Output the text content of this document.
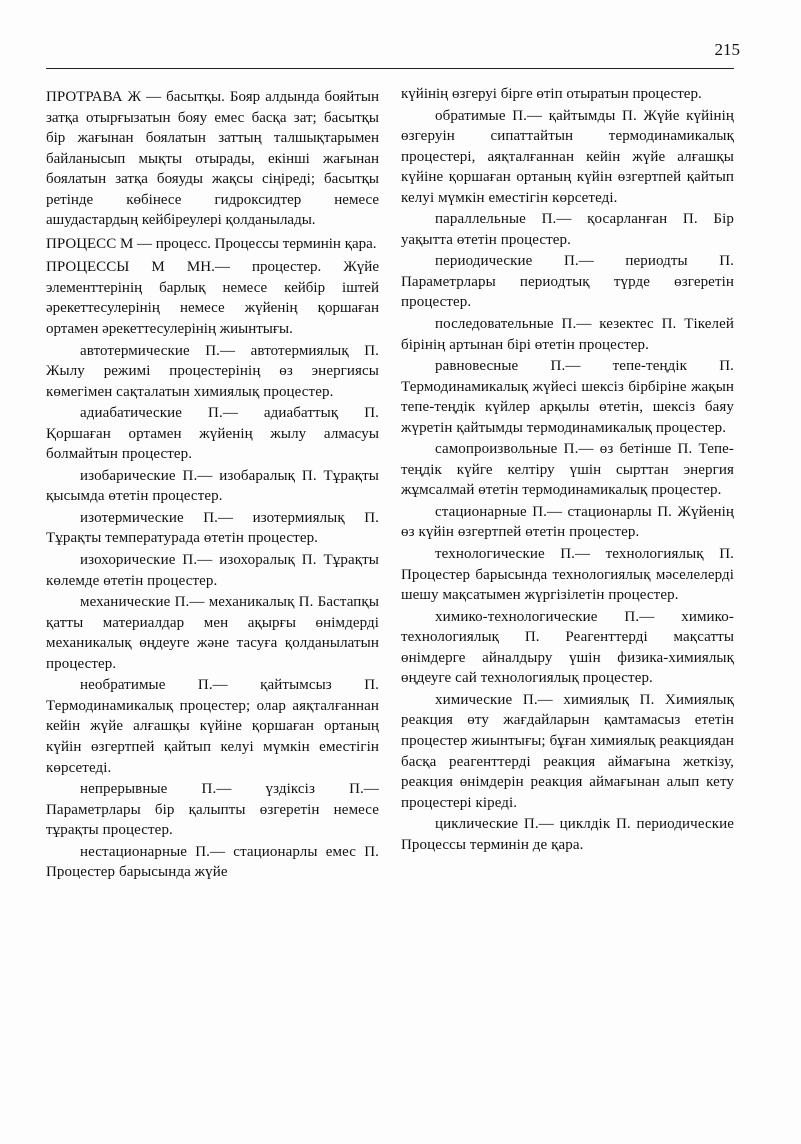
215

ПРОТРАВА Ж — басытқы. Бояр алдында бояйтын затқа отырғызатын бояу емес басқа зат; басытқы бір жағынан боялатын заттың талшықтарымен байланысып мықты отырады, екінші жағынан боялатын затқа бояуды жақсы сіңіреді; басытқы ретінде көбінесе гидроксидтер немесе ашудастардың кейбіреулері қолданылады.

ПРОЦЕСС М — процесс. Процессы терминін қара.

ПРОЦЕССЫ М МН.— процестер. Жүйе элементтерінің барлық немесе кейбір іштей әрекеттесулерінің немесе жүйенің қоршаған ортамен әрекеттесулерінің жиынтығы.

автотермические П.— автотермиялық П. Жылу режимі процестерінің өз энергиясы көмегімен сақталатын химиялық процестер.

адиабатические П.— адиабаттық П. Қоршаған ортамен жүйенің жылу алмасуы болмайтын процестер.

изобарические П.— изобаралық П. Тұрақты қысымда өтетін процестер.

изотермические П.— изотермиялық П. Тұрақты температурада өтетін процестер.

изохорические П.— изохоралық П. Тұрақты көлемде өтетін процестер.

механические П.— механикалық П. Бастапқы қатты материалдар мен ақырғы өнімдерді механикалық өңдеуге және тасуға қолданылатын процестер.

необратимые П.— қайтымсыз П. Термодинамикалық процестер; олар аяқталғаннан кейін жүйе алғашқы күйіне қоршаған ортаның күйін өзгертпей қайтып келуі мүмкін еместігін көрсетеді.

непрерывные П.— үздіксіз П.— Параметрлары бір қалыпты өзгеретін немесе тұрақты процестер.

нестационарные П.— стационарлы емес П. Процестер барысында жүйе

күйінің өзгеруі бірге өтіп отыратын процестер.

обратимые П.— қайтымды П. Жүйе күйінің өзгеруін сипаттайтын термодинамикалық процестері, аяқталғаннан кейін жүйе алғашқы күйіне қоршаған ортаның күйін өзгертпей қайтып келуі мүмкін еместігін көрсетеді.

параллельные П.— қосарланған П. Бір уақытта өтетін процестер.

периодические П.— периодты П. Параметрлары периодтық түрде өзгеретін процестер.

последовательные П.— кезектес П. Тікелей бірінің артынан бірі өтетін процестер.

равновесные П.— тепе-теңдік П. Термодинамикалық жүйесі шексіз бірбіріне жақын тепе-теңдік күйлер арқылы өтетін, шексіз баяу жүретін қайтымды термодинамикалық процестер.

самопроизвольные П.— өз бетінше П. Тепе-теңдік күйге келтіру үшін сырттан энергия жұмсалмай өтетін термодинамикалық процестер.

стационарные П.— стационарлы П. Жүйенің өз күйін өзгертпей өтетін процестер.

технологические П.— технологиялық П. Процестер барысында технологиялық мәселелерді шешу мақсатымен жүргізілетін процестер.

химико-технологические П.— химико-технологиялық П. Реагенттерді мақсатты өнімдерге айналдыру үшін физика-химиялық өңдеуге сай технологиялық процестер.

химические П.— химиялық П. Химиялық реакция өту жағдайларын қамтамасыз ететін процестер жиынтығы; бұған химиялық реакциядан басқа реагенттерді реакция аймағына жеткізу, реакция өнімдерін реакция аймағынан алып кету процестері кіреді.

циклические П.— циклдік П. периодические Процессы терминін де қара.
